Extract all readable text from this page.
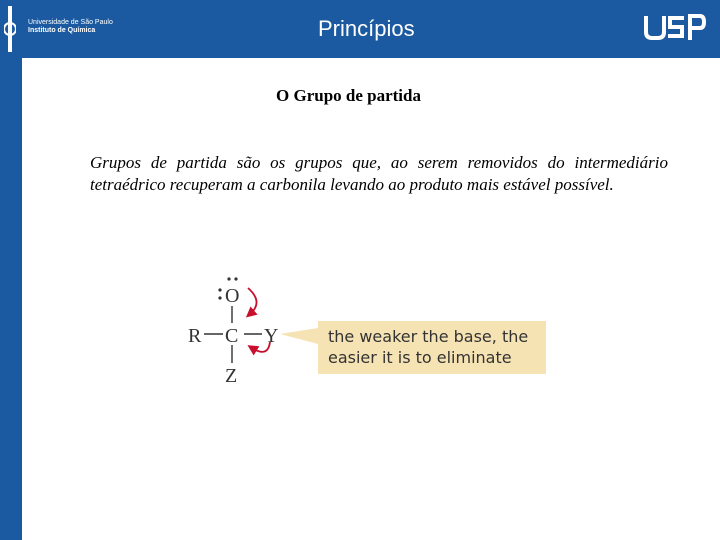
Universidade de São Paulo
Instituto de Química	Princípios
QFL 0342 – Reatividade de Compostos Orgânicos
12
O Grupo de partida
Grupos de partida são os grupos que, ao serem removidos do intermediário tetraédrico recuperam a carbonila levando ao produto mais estável possível.
O
C
R	Y
Z
the weaker the base, the
easier it is to eliminate
